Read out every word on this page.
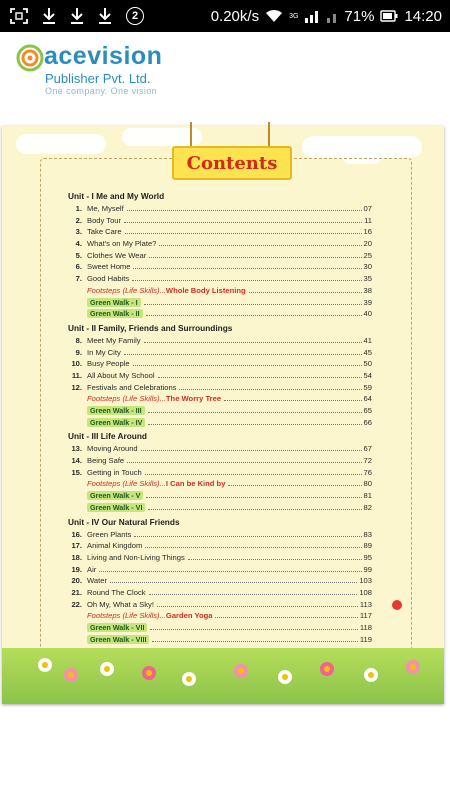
2	0.20k/s	3G	71% 14:20
acevision
Publisher Pvt. Ltd.
One company. One vision
Contents
Unit - I Me and My World
1. Me, Myself	07
2. Body Tour	11
3. Take Care	16
4. What's on My Plate?	20
5. Clothes We Wear	25
6. Sweet Home	30
7. Good Habits	35
Footsteps (Life Skills)... Whole Body Listening	38
Green Walk - I	39
Green Walk - II	40
Unit - II Family, Friends and Surroundings
8. Meet My Family	41
9. In My City	45
10. Busy People	50
11. All About My School	54
12. Festivals and Celebrations	59
Footsteps (Life Skills)... The Worry Tree	64
Green Walk - III	65
Green Walk - IV	66
Unit - III Life Around
13. Moving Around	67
14. Being Safe	72
15. Getting in Touch	76
Footsteps (Life Skills)... I Can be Kind by	80
Green Walk - V	81
Green Walk - VI	82
Unit - IV Our Natural Friends
16. Green Plants	83
17. Animal Kingdom	89
18. Living and Non-Living Things	95
19. Air	99
20. Water	103
21. Round The Clock	108
22. Oh My, What a Sky!	113
Footsteps (Life Skills)... Garden Yoga	117
Green Walk - VII	118
Green Walk - VIII	119
